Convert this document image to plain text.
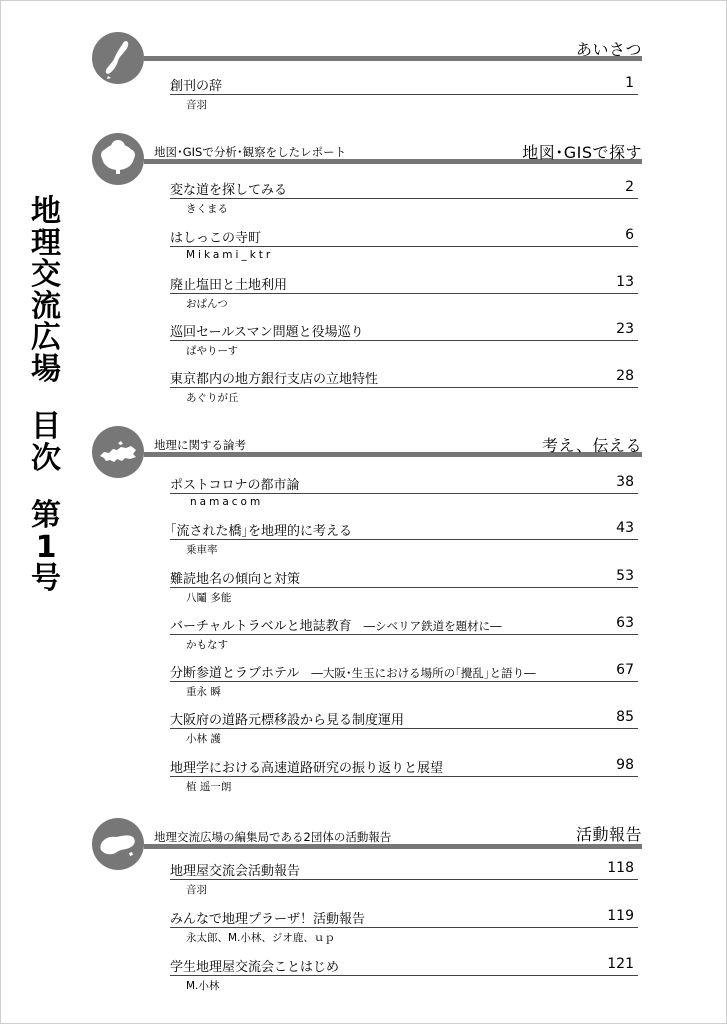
地
理
交
流
広
場
目
次
第
1
号
あいさつ
創刊の辞	1
音羽
地図･GISで分析･観察をしたレポート	地図･GISで探す
変な道を探してみる	2
きくまる
はしっこの寺町	6
Mikami_ktr
廃止塩田と土地利用	13
おぱんつ
巡回セールスマン問題と役場巡り	23
ぱやりーす
東京都内の地方銀行支店の立地特性	28
あぐりが丘
地理に関する論考	考え、伝える
ポストコロナの都市論	38
namacom
｢流された橋｣を地理的に考える	43
乗車率
難読地名の傾向と対策	53
八鬮 多能
バーチャルトラベルと地誌教育 ―シベリア鉄道を題材に―	63
かもなす
分断参道とラブホテル ―大阪･生玉における場所の｢攪乱｣と語り―	67
重永 瞬
大阪府の道路元標移設から見る制度運用	85
小林 護
地理学における高速道路研究の振り返りと展望	98
植 遥一朗
地理交流広場の編集局である2団体の活動報告	活動報告
地理屋交流会活動報告	118
音羽
みんなで地理プラーザ！活動報告	119
永太郎、M.小林、ジオ鹿、ｕｐ
学生地理屋交流会ことはじめ	121
M.小林
